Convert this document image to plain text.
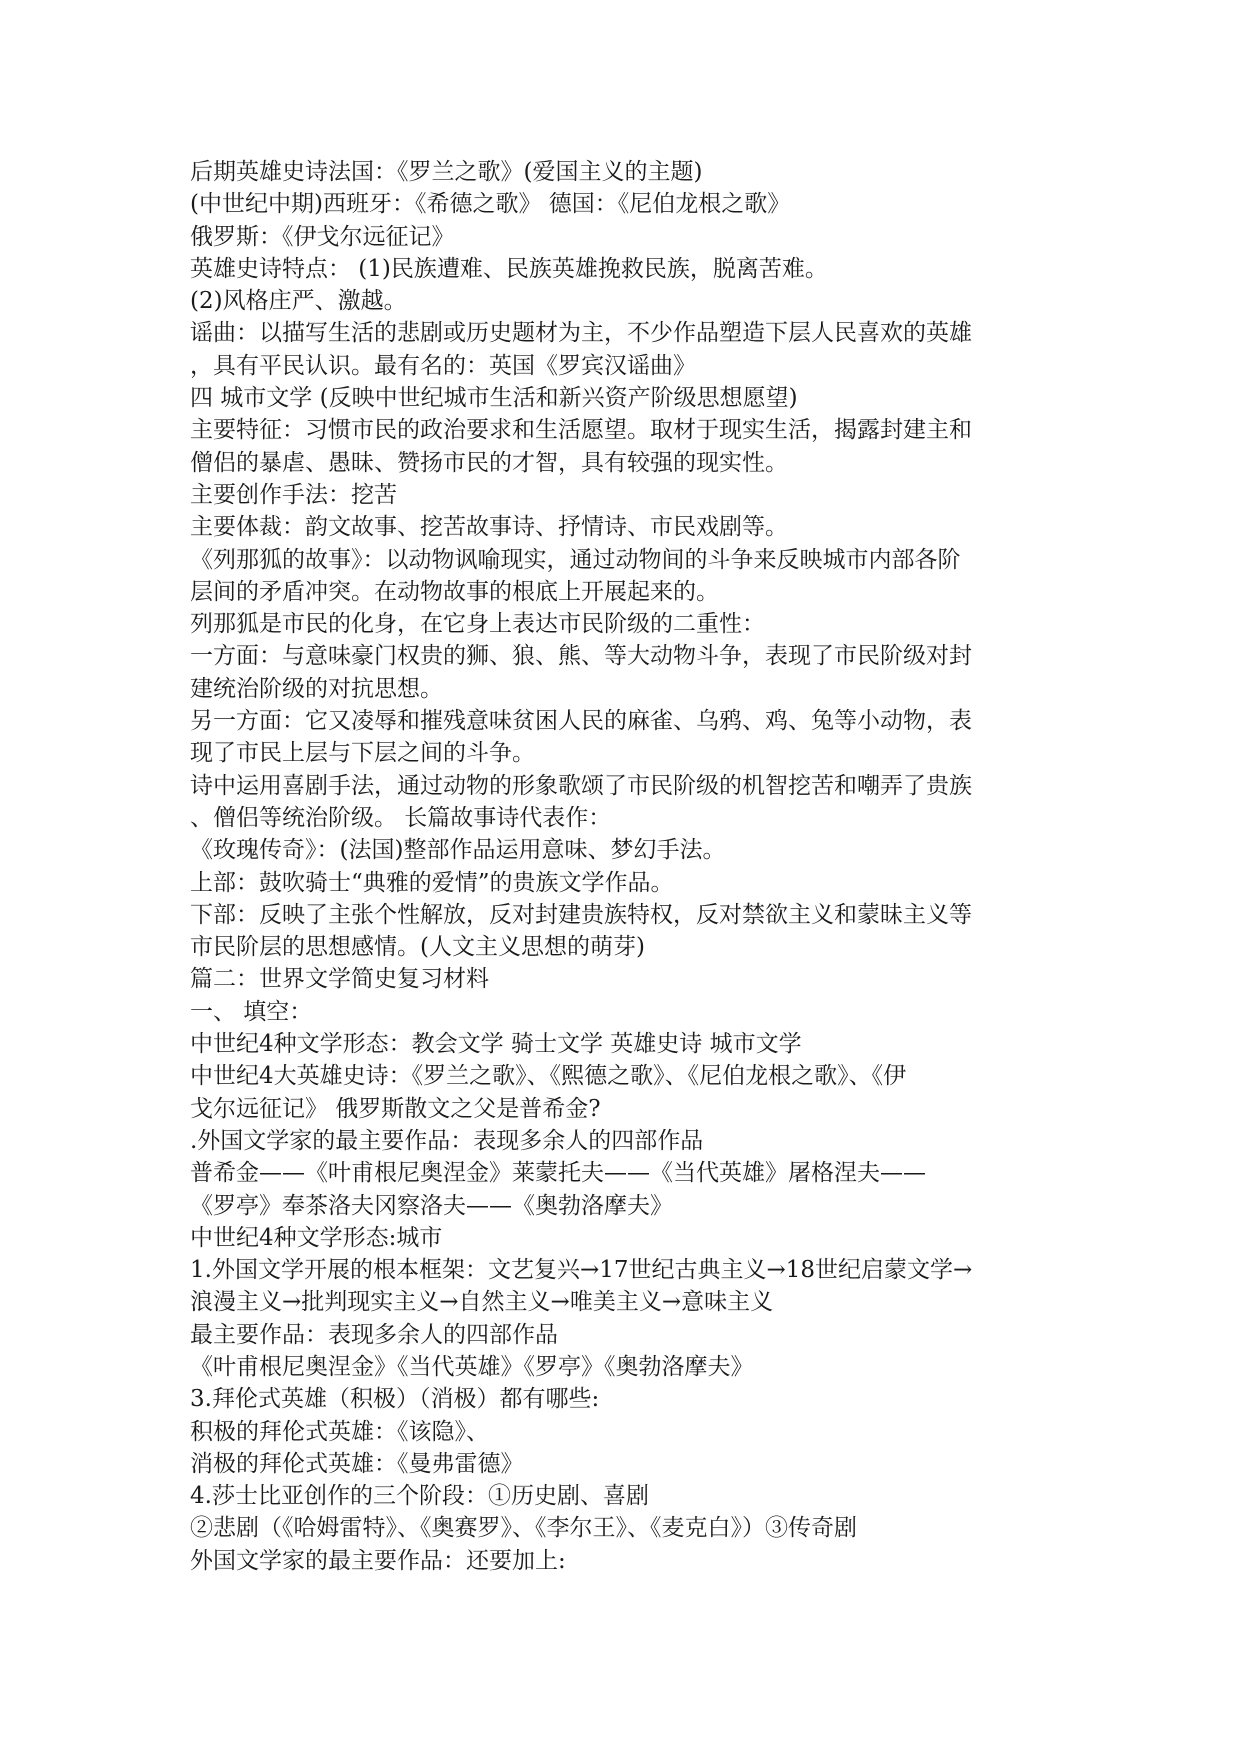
后期英雄史诗法国：《罗兰之歌》(爱国主义的主题)

(中世纪中期)西班牙：《希德之歌》 德国：《尼伯龙根之歌》

俄罗斯：《伊戈尔远征记》

英雄史诗特点： (1)民族遭难、民族英雄挽救民族，脱离苦难。

(2)风格庄严、激越。

谣曲：以描写生活的悲剧或历史题材为主，不少作品塑造下层人民喜欢的英雄

，具有平民认识。最有名的：英国《罗宾汉谣曲》

四 城市文学 (反映中世纪城市生活和新兴资产阶级思想愿望)

主要特征：习惯市民的政治要求和生活愿望。取材于现实生活，揭露封建主和

僧侣的暴虐、愚昧、赞扬市民的才智，具有较强的现实性。

主要创作手法：挖苦

主要体裁：韵文故事、挖苦故事诗、抒情诗、市民戏剧等。

《列那狐的故事》：以动物讽喻现实，通过动物间的斗争来反映城市内部各阶

层间的矛盾冲突。在动物故事的根底上开展起来的。

列那狐是市民的化身，在它身上表达市民阶级的二重性：

一方面：与意味豪门权贵的狮、狼、熊、等大动物斗争，表现了市民阶级对封

建统治阶级的对抗思想。

另一方面：它又凌辱和摧残意味贫困人民的麻雀、乌鸦、鸡、兔等小动物，表

现了市民上层与下层之间的斗争。

诗中运用喜剧手法，通过动物的形象歌颂了市民阶级的机智挖苦和嘲弄了贵族

、僧侣等统治阶级。 长篇故事诗代表作：

《玫瑰传奇》：(法国)整部作品运用意味、梦幻手法。

上部：鼓吹骑士“典雅的爱情”的贵族文学作品。

下部：反映了主张个性解放，反对封建贵族特权，反对禁欲主义和蒙昧主义等

市民阶层的思想感情。(人文主义思想的萌芽)

篇二：世界文学简史复习材料

一、 填空：

中世纪4种文学形态：教会文学 骑士文学 英雄史诗 城市文学

中世纪4大英雄史诗：《罗兰之歌》、《熙德之歌》、《尼伯龙根之歌》、《伊

戈尔远征记》 俄罗斯散文之父是普希金?

.外国文学家的最主要作品：表现多余人的四部作品

普希金——《叶甫根尼奥涅金》莱蒙托夫——《当代英雄》屠格涅夫——

《罗亭》奉茶洛夫冈察洛夫——《奥勃洛摩夫》

中世纪4种文学形态:城市

1.外国文学开展的根本框架：文艺复兴→17世纪古典主义→18世纪启蒙文学→

浪漫主义→批判现实主义→自然主义→唯美主义→意味主义

最主要作品：表现多余人的四部作品

《叶甫根尼奥涅金》《当代英雄》《罗亭》《奥勃洛摩夫》

3.拜伦式英雄（积极）（消极）都有哪些:

积极的拜伦式英雄：《该隐》、

消极的拜伦式英雄：《曼弗雷德》

4.莎士比亚创作的三个阶段：①历史剧、喜剧

②悲剧（《哈姆雷特》、《奥赛罗》、《李尔王》、《麦克白》）③传奇剧

外国文学家的最主要作品：还要加上:
